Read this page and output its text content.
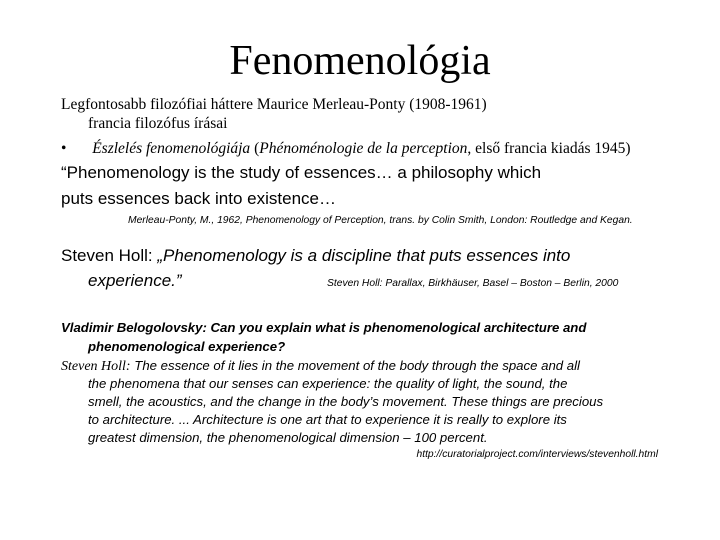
Fenomenológia
Legfontosabb filozófiai háttere Maurice Merleau-Ponty (1908-1961)
francia filozófus írásai
• Észlelés fenomenológiája (Phénoménologie de la perception, első francia kiadás 1945)
“Phenomenology is the study of essences… a philosophy which
puts essences back into existence…
Merleau-Ponty, M., 1962, Phenomenology of Perception, trans. by Colin Smith, London: Routledge and Kegan.
Steven Holl: „Phenomenology is a discipline that puts essences into
experience.”	Steven Holl: Parallax, Birkhäuser, Basel – Boston – Berlin, 2000
Vladimir Belogolovsky: Can you explain what is phenomenological architecture and
phenomenological experience?
Steven Holl: The essence of it lies in the movement of the body through the space and all
the phenomena that our senses can experience: the quality of light, the sound, the
smell, the acoustics, and the change in the body’s movement. These things are precious
to architecture. ... Architecture is one art that to experience it is really to explore its
greatest dimension, the phenomenological dimension – 100 percent.
http://curatorialproject.com/interviews/stevenholl.html
